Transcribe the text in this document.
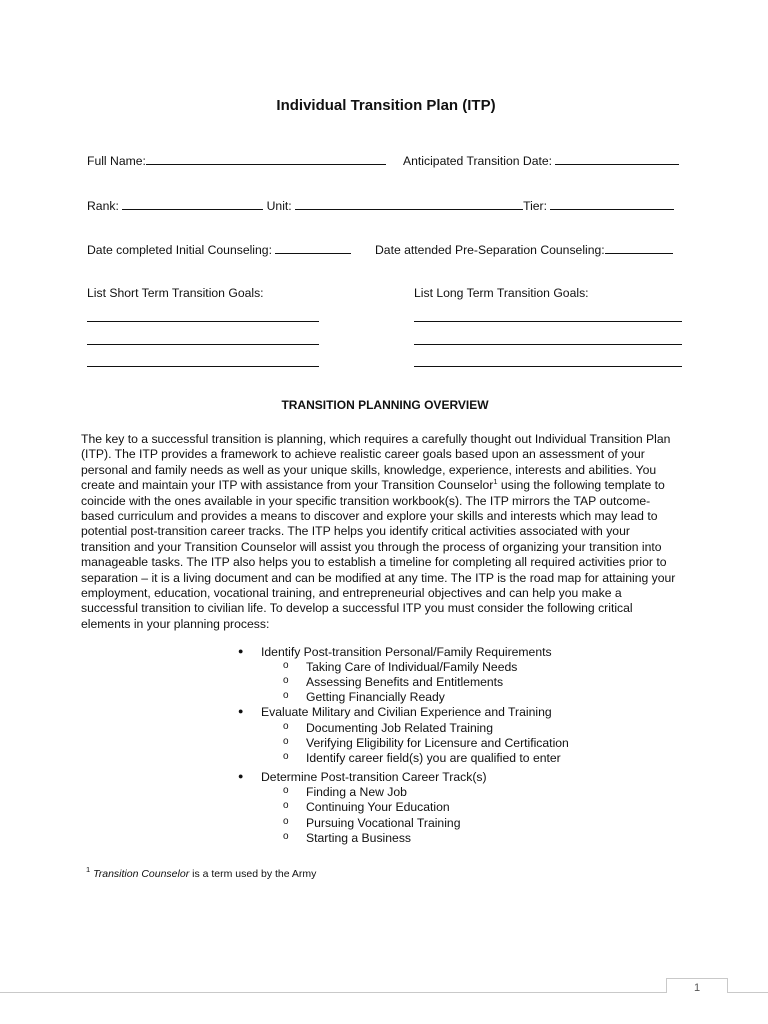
Individual Transition Plan (ITP)
Full Name:	Anticipated Transition Date:
Rank:	Unit:	Tier:
Date completed Initial Counseling:	Date attended Pre-Separation Counseling:
List Short Term Transition Goals:	List Long Term Transition Goals:
TRANSITION PLANNING OVERVIEW
The key to a successful transition is planning, which requires a carefully thought out Individual Transition Plan
(ITP). The ITP provides a framework to achieve realistic career goals based upon an assessment of your
personal and family needs as well as your unique skills, knowledge, experience, interests and abilities. You
create and maintain your ITP with assistance from your Transition Counselor$^1$ using the following template to
coincide with the ones available in your specific transition workbook(s). The ITP mirrors the TAP outcome-
based curriculum and provides a means to discover and explore your skills and interests which may lead to
potential post-transition career tracks. The ITP helps you identify critical activities associated with your
transition and your Transition Counselor will assist you through the process of organizing your transition into
manageable tasks. The ITP also helps you to establish a timeline for completing all required activities prior to
separation – it is a living document and can be modified at any time. The ITP is the road map for attaining your
employment, education, vocational training, and entrepreneurial objectives and can help you make a
successful transition to civilian life. To develop a successful ITP you must consider the following critical
elements in your planning process:
● Identify Post-transition Personal/Family Requirements
o Taking Care of Individual/Family Needs
o Assessing Benefits and Entitlements
o Getting Financially Ready
● Evaluate Military and Civilian Experience and Training
o Documenting Job Related Training
o Verifying Eligibility for Licensure and Certification
o Identify career field(s) you are qualified to enter
● Determine Post-transition Career Track(s)
o Finding a New Job
o Continuing Your Education
o Pursuing Vocational Training
o Starting a Business
$^1$ Transition Counselor is a term used by the Army
1
